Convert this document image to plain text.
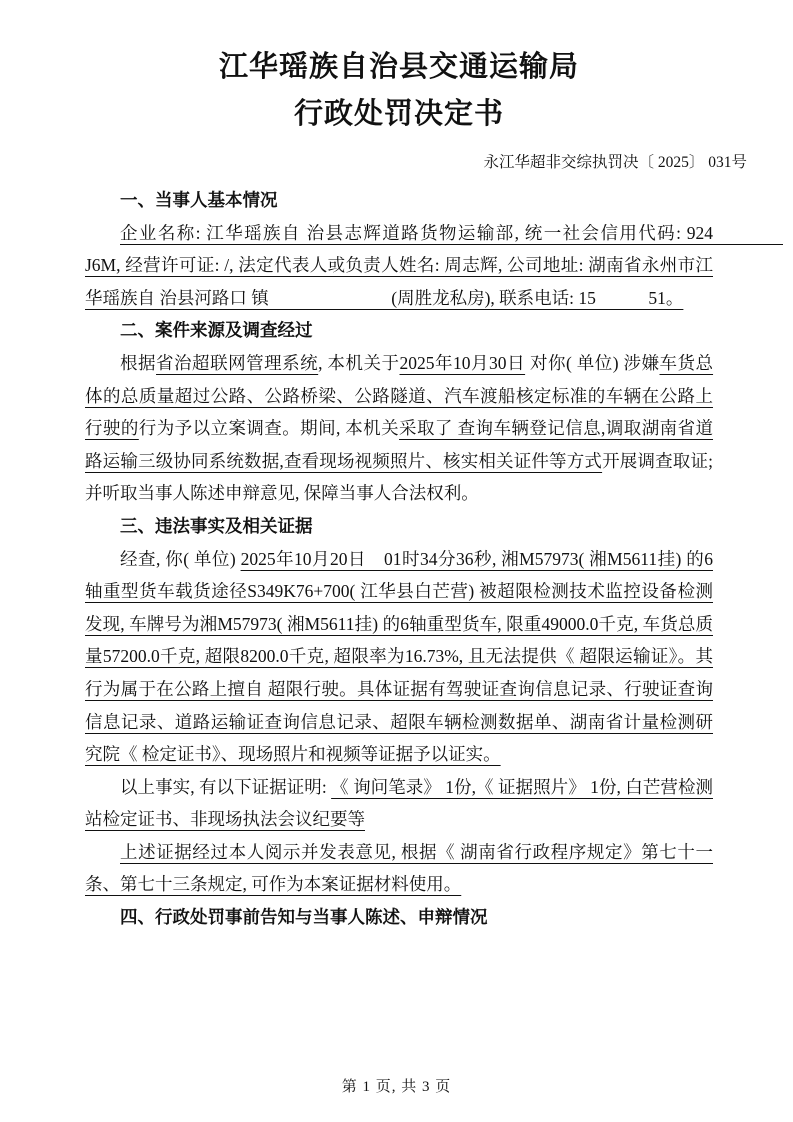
江华瑶族自治县交通运输局
行政处罚决定书
永江华超非交综执罚决〔 2025〕 031号
一、当事人基本情况

企业名称: 江华瑶族自 治县志辉道路货物运输部, 统一社会信用代码: 924　　　　J6M, 经营许可证: /, 法定代表人或负责人姓名: 周志辉, 公司地址: 湖南省永州市江华瑶族自 治县河路口 镇　　　　　　　(周胜龙私房), 联系电话: 15　　　51。

二、案件来源及调查经过

根据省治超联网管理系统, 本机关于2025年10月30日 对你( 单位) 涉嫌车货总体的总质量超过公路、公路桥梁、公路隧道、汽车渡船核定标准的车辆在公路上行驶的行为予以立案调查。期间, 本机关采取了 查询车辆登记信息,调取湖南省道路运输三级协同系统数据,查看现场视频照片、核实相关证件等方式开展调查取证; 并听取当事人陈述申辩意见, 保障当事人合法权利。

三、违法事实及相关证据

经查, 你( 单位) 2025年10月20日　01时34分36秒, 湘M57973( 湘M5611挂) 的6轴重型货车载货途径S349K76+700( 江华县白芒营) 被超限检测技术监控设备检测发现, 车牌号为湘M57973( 湘M5611挂) 的6轴重型货车, 限重49000.0千克, 车货总质量57200.0千克, 超限8200.0千克, 超限率为16.73%, 且无法提供《 超限运输证》。其行为属于在公路上擅自 超限行驶。具体证据有驾驶证查询信息记录、行驶证查询信息记录、道路运输证查询信息记录、超限车辆检测数据单、湖南省计量检测研究院《 检定证书》、现场照片和视频等证据予以证实。

以上事实, 有以下证据证明: 《 询问笔录》 1份,《 证据照片》 1份, 白芒营检测站检定证书、非现场执法会议纪要等

上述证据经过本人阅示并发表意见, 根据《 湖南省行政程序规定》第七十一条、第七十三条规定, 可作为本案证据材料使用。

四、行政处罚事前告知与当事人陈述、申辩情况
第 1 页, 共 3 页
